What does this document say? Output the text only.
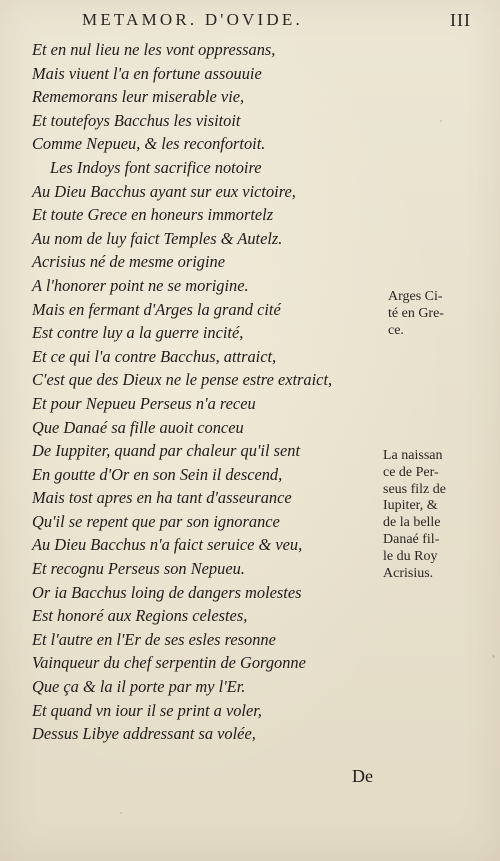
METAMOR. D'OVIDE.	III
Et en nul lieu ne les vont oppressans,
Mais viuent l'a en fortune assouuie
Rememorans leur miserable vie,
Et toutefoys Bacchus les visitoit
Comme Nepueu, & les reconfortoit.
Les Indoys font sacrifice notoire
Au Dieu Bacchus ayant sur eux victoire,
Et toute Grece en honeurs immortelz
Au nom de luy faict Temples & Autelz.
Acrisius né de mesme origine
A l'honorer point ne se morigine.
Mais en fermant d'Arges la grand cité
Est contre luy a la guerre incité,
Et ce qui l'a contre Bacchus, attraict,
C'est que des Dieux ne le pense estre extraict,
Et pour Nepueu Perseus n'a receu
Que Danaé sa fille auoit conceu
De Iuppiter, quand par chaleur qu'il sent
En goutte d'Or en son Sein il descend,
Mais tost apres en ha tant d'asseurance
Qu'il se repent que par son ignorance
Au Dieu Bacchus n'a faict seruice & veu,
Et recognu Perseus son Nepueu.
Or ia Bacchus loing de dangers molestes
Est honoré aux Regions celestes,
Et l'autre en l'Er de ses esles resonne
Vainqueur du chef serpentin de Gorgonne
Que ça & la il porte par my l'Er.
Et quand vn iour il se print a voler,
Dessus Libye addressant sa volée,
Arges Ci-
té en Gre-
ce.
La naissan
ce de Per-
seus filz de
Iupiter, &
de la belle
Danaé fil-
le du Roy
Acrisius.
De
